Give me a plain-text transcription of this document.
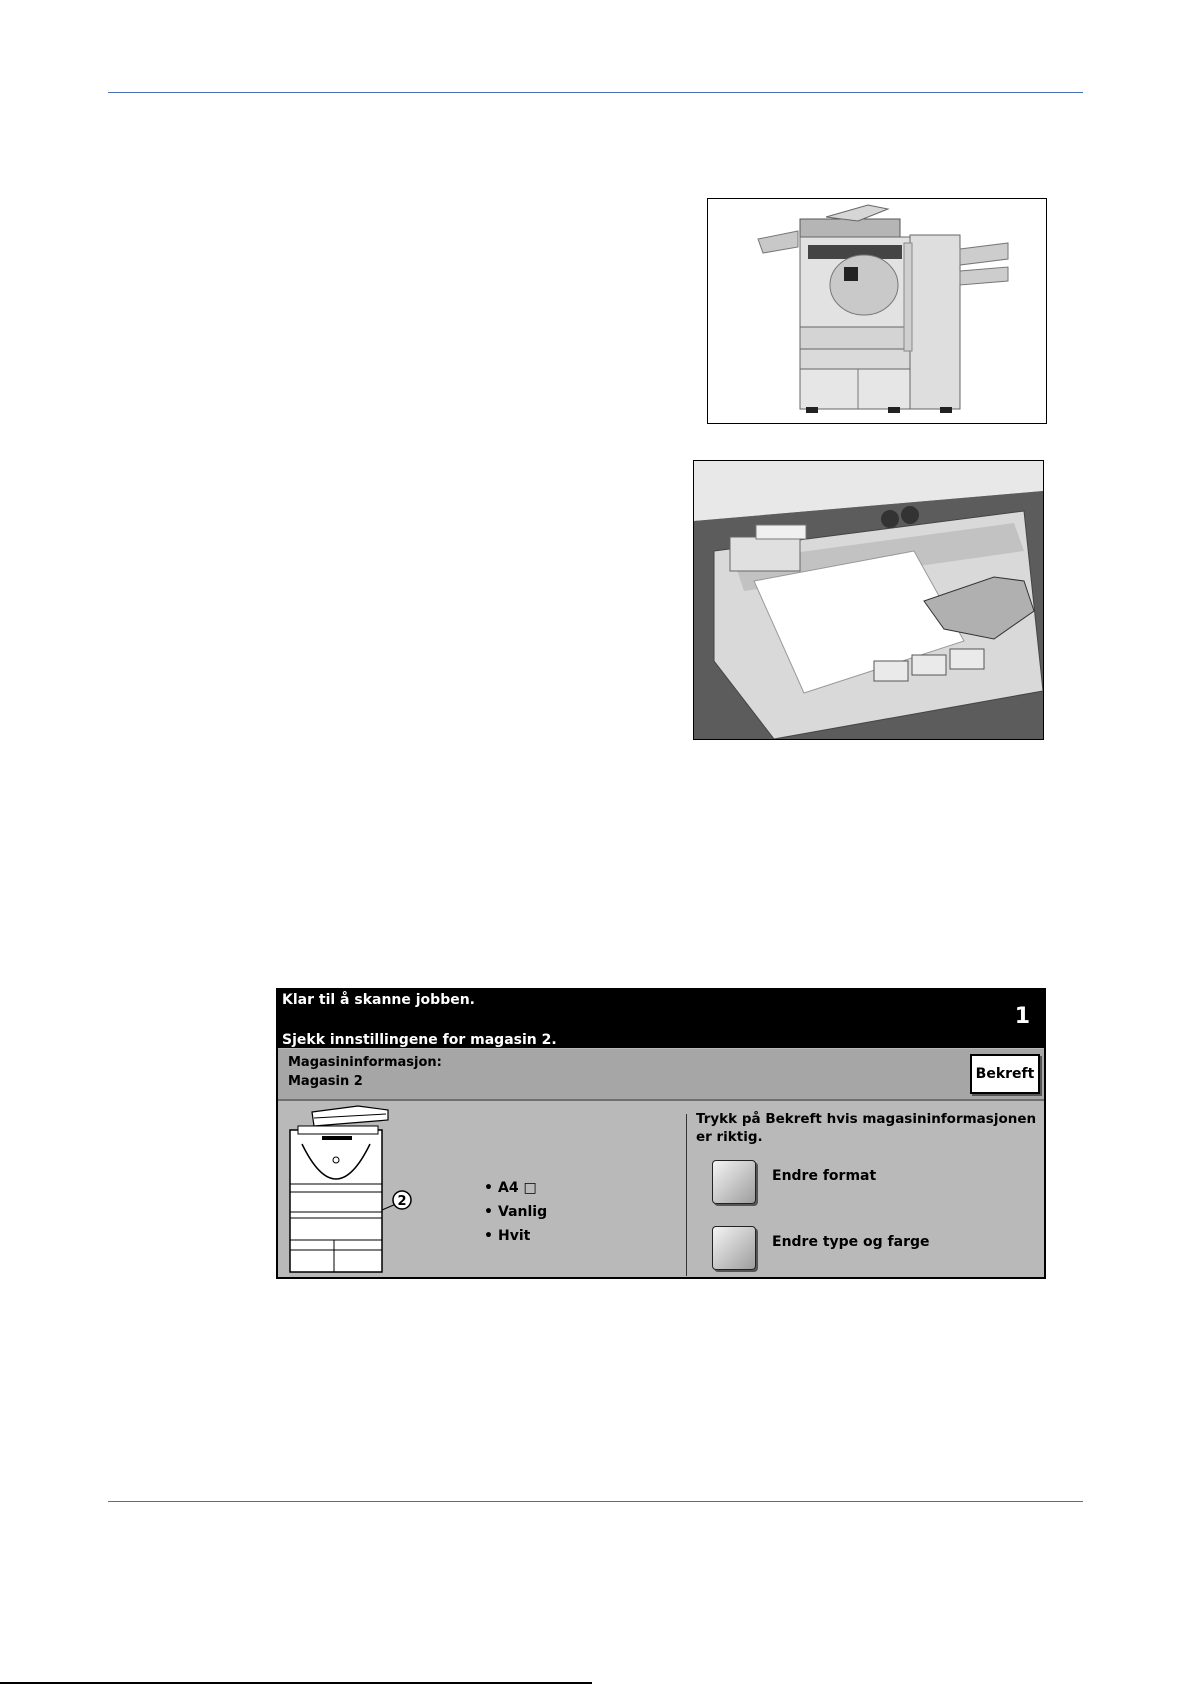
Klar til å skanne jobben.
Sjekk innstillingene for magasin 2.
1
Magasininformasjon:
Magasin 2	Bekreft
2
• A4 □
• Vanlig
• Hvit
Trykk på Bekreft hvis magasininformasjonen er riktig.
Endre format
Endre type og farge
